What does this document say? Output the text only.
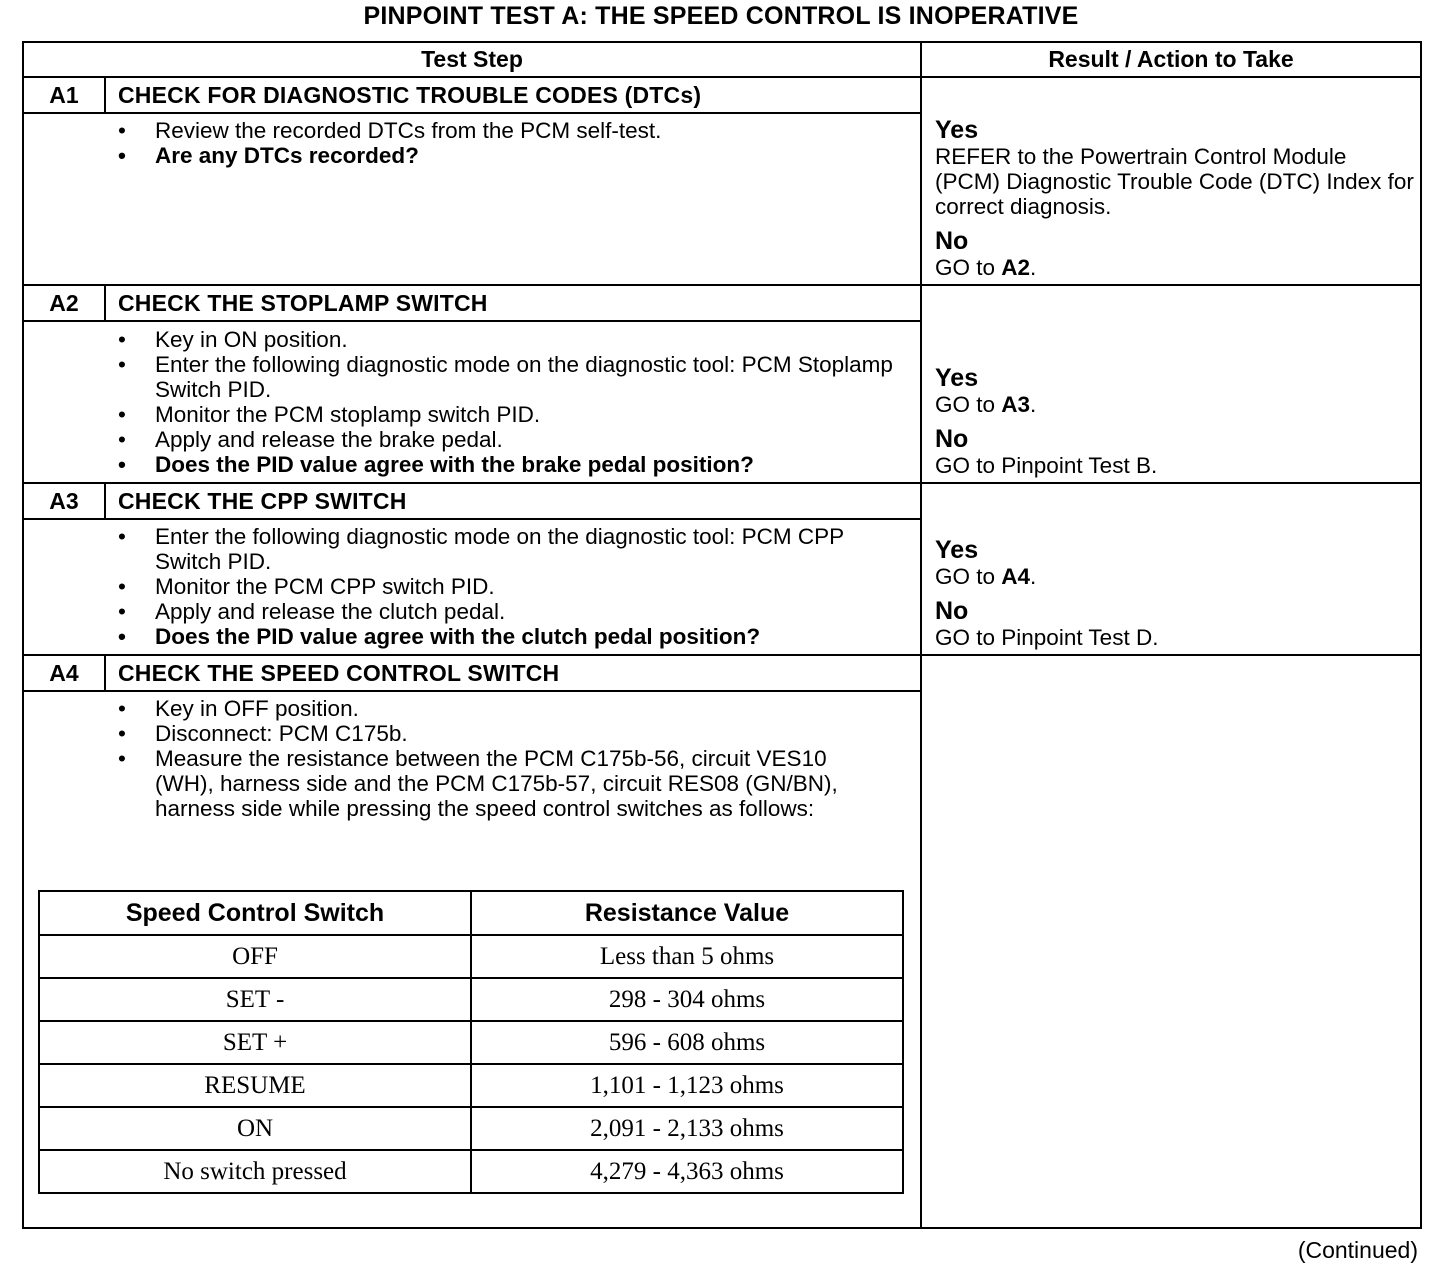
PINPOINT TEST A: THE SPEED CONTROL IS INOPERATIVE
Test Step	Result / Action to Take
A1	CHECK FOR DIAGNOSTIC TROUBLE CODES (DTCs)
• Review the recorded DTCs from the PCM self-test.
• Are any DTCs recorded?
Yes
REFER to the Powertrain Control Module (PCM) Diagnostic Trouble Code (DTC) Index for correct diagnosis.
No
GO to A2.
A2	CHECK THE STOPLAMP SWITCH
• Key in ON position.
• Enter the following diagnostic mode on the diagnostic tool: PCM Stoplamp Switch PID.
• Monitor the PCM stoplamp switch PID.
• Apply and release the brake pedal.
• Does the PID value agree with the brake pedal position?
Yes
GO to A3.
No
GO to Pinpoint Test B.
A3	CHECK THE CPP SWITCH
• Enter the following diagnostic mode on the diagnostic tool: PCM CPP Switch PID.
• Monitor the PCM CPP switch PID.
• Apply and release the clutch pedal.
• Does the PID value agree with the clutch pedal position?
Yes
GO to A4.
No
GO to Pinpoint Test D.
A4	CHECK THE SPEED CONTROL SWITCH
• Key in OFF position.
• Disconnect: PCM C175b.
• Measure the resistance between the PCM C175b-56, circuit VES10 (WH), harness side and the PCM C175b-57, circuit RES08 (GN/BN), harness side while pressing the speed control switches as follows:
Speed Control Switch	Resistance Value
OFF	Less than 5 ohms
SET -	298 - 304 ohms
SET +	596 - 608 ohms
RESUME	1,101 - 1,123 ohms
ON	2,091 - 2,133 ohms
No switch pressed	4,279 - 4,363 ohms
(Continued)
